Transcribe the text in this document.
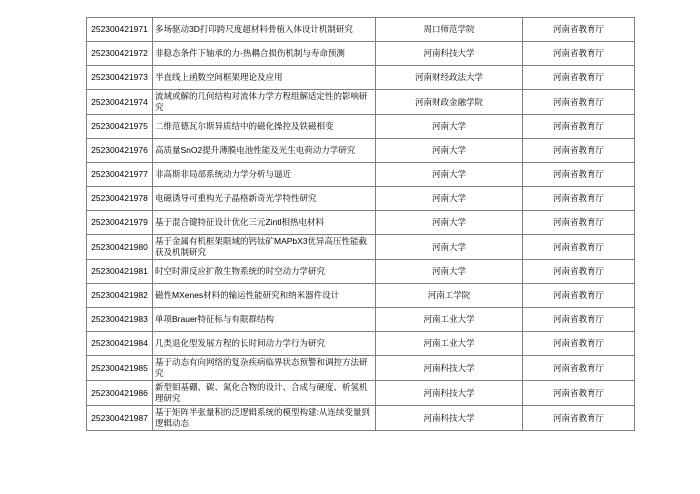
252300421971	多场驱动3D打印跨尺度超材料骨植入体设计机制研究	周口师范学院	河南省教育厅
252300421972	非稳态条件下轴承的力-热耦合损伤机制与寿命预测	河南科技大学	河南省教育厅
252300421973	半直线上函数空间框架理论及应用	河南财经政法大学	河南省教育厅
252300421974	流域或解的几何结构对流体力学方程组解适定性的影响研究	河南财政金融学院	河南省教育厅
252300421975	二维范德瓦尔斯异质结中的磁化操控及铁磁相变	河南大学	河南省教育厅
252300421976	高质量SnO2提升薄膜电池性能及光生电荷动力学研究	河南大学	河南省教育厅
252300421977	非高斯非局部系统动力学分析与逼近	河南大学	河南省教育厅
252300421978	电磁诱导可重构光子晶格新奇光学特性研究	河南大学	河南省教育厅
252300421979	基于混合键特征设计优化三元Zintl相热电材料	河南大学	河南省教育厅
252300421980	基于金属有机框架限域的钙钛矿MAPbX3优异高压性能截获及机制研究	河南大学	河南省教育厅
252300421981	时空时滞反应扩散生物系统的时空动力学研究	河南大学	河南省教育厅
252300421982	磁性MXenes材料的输运性能研究和纳米器件设计	河南工学院	河南省教育厅
252300421983	单项Brauer特征标与有限群结构	河南工业大学	河南省教育厅
252300421984	几类退化型发展方程的长时间动力学行为研究	河南工业大学	河南省教育厅
252300421985	基于动态有向网络的复杂疾病临界状态预警和调控方法研究	河南科技大学	河南省教育厅
252300421986	新型钼基硼、碳、氮化合物的设计、合成与硬度、析氢机理研究	河南科技大学	河南省教育厅
252300421987	基于矩阵半张量积的泛逻辑系统的模型构建:从连续变量到逻辑动态	河南科技大学	河南省教育厅
